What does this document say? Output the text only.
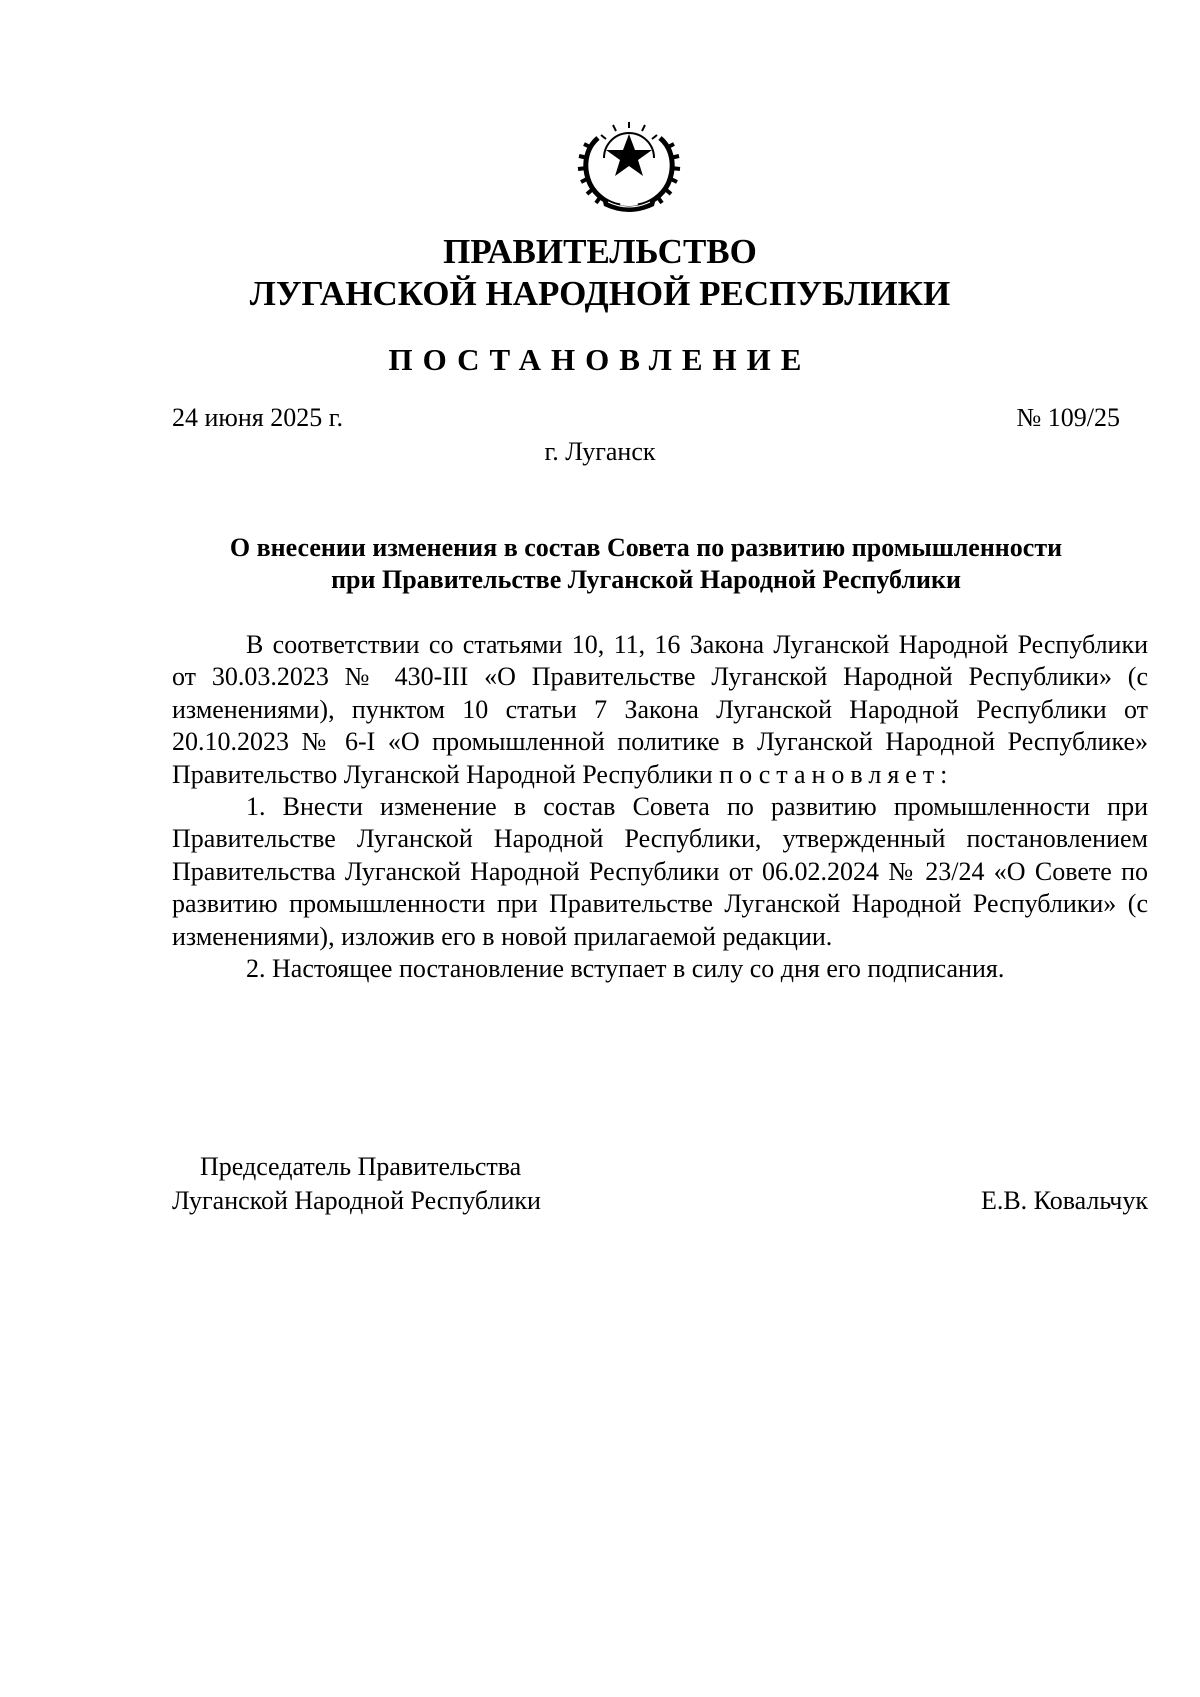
ПРАВИТЕЛЬСТВО
ЛУГАНСКОЙ НАРОДНОЙ РЕСПУБЛИКИ
ПОСТАНОВЛЕНИЕ
24 июня 2025 г.	№ 109/25
г. Луганск
О внесении изменения в состав Совета по развитию промышленности
при Правительстве Луганской Народной Республики

В соответствии со статьями 10, 11, 16 Закона Луганской Народной Республики от 30.03.2023 № 430-III «О Правительстве Луганской Народной Республики» (с изменениями), пунктом 10 статьи 7 Закона Луганской Народной Республики от 20.10.2023 № 6-I «О промышленной политике в Луганской Народной Республике» Правительство Луганской Народной Республики постановляет:

1. Внести изменение в состав Совета по развитию промышленности при Правительстве Луганской Народной Республики, утвержденный постановлением Правительства Луганской Народной Республики от 06.02.2024 № 23/24 «О Совете по развитию промышленности при Правительстве Луганской Народной Республики» (с изменениями), изложив его в новой прилагаемой редакции.

2. Настоящее постановление вступает в силу со дня его подписания.

Председатель Правительства
Луганской Народной Республики	Е.В. Ковальчук
